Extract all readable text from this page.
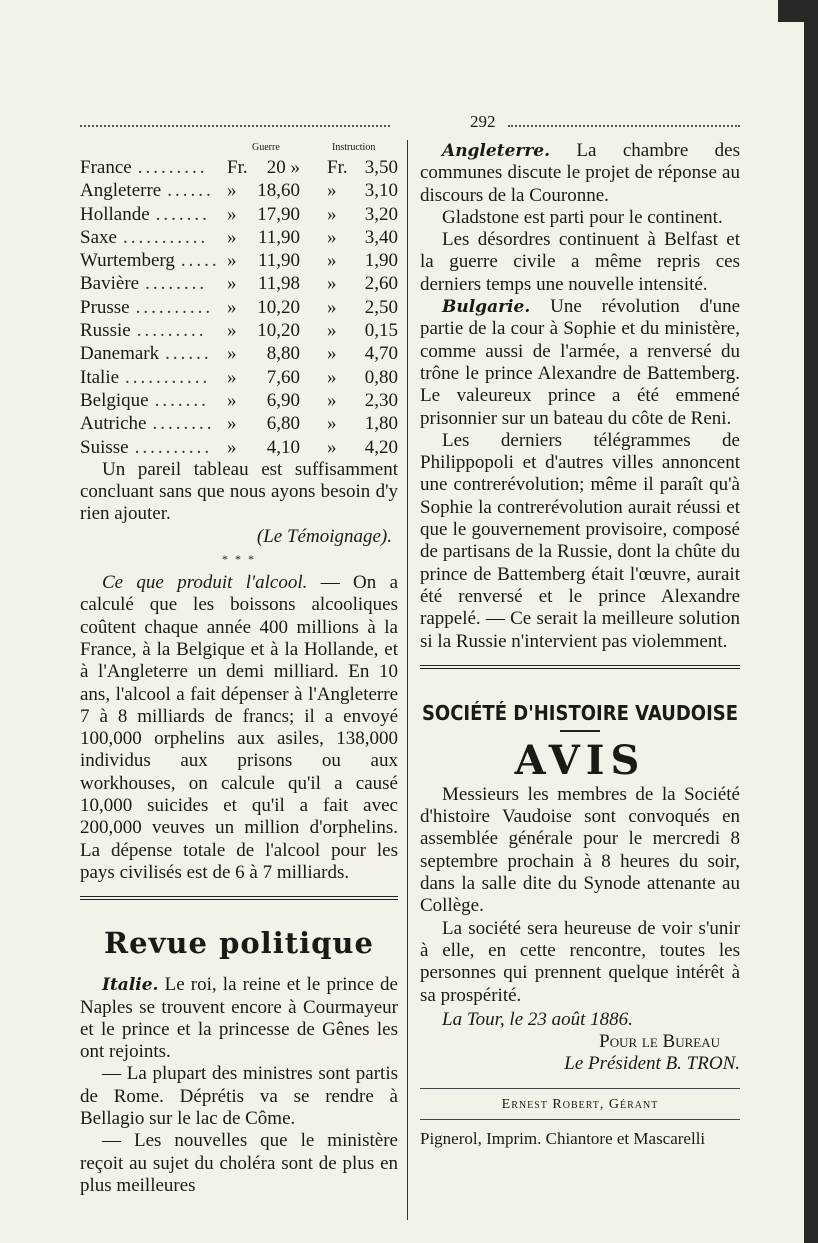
292
Guerre	Instruction
France	Fr. 20 » Fr. 3,50
.........
Angleterre	» 18,60 » 3,10
......
Hollande	» 17,90 » 3,20
.......
Saxe	» 11,90 » 3,40
...........
Wurtemberg	» 11,90 » 1,90
.....
Bavière	» 11,98 » 2,60
........
Prusse	» 10,20 » 2,50
..........
Russie	» 10,20 » 0,15
.........
Danemark	» 8,80 » 4,70
......
Italie	» 7,60 » 0,80
...........
Belgique	» 6,90 » 2,30
.......
Autriche	» 6,80 » 1,80
........
Suisse	» 4,10 » 4,20
..........

Un pareil tableau est suffisamment concluant sans que nous ayons besoin d'y rien ajouter.

(Le Témoignage).

* * *

Ce que produit l'alcool. — On a calculé que les boissons alcooliques coûtent chaque année 400 millions à la France, à la Belgique et à la Hollande, et à l'Angleterre un demi milliard. En 10 ans, l'alcool a fait dépenser à l'Angleterre 7 à 8 milliards de francs; il a envoyé 100,000 orphelins aux asiles, 138,000 individus aux prisons ou aux workhouses, on calcule qu'il a causé 10,000 suicides et qu'il a fait avec 200,000 veuves un million d'orphelins. La dépense totale de l'alcool pour les pays civilisés est de 6 à 7 milliards.

Revue politique

Italie. Le roi, la reine et le prince de Naples se trouvent encore à Courmayeur et le prince et la princesse de Gênes les ont rejoints.

— La plupart des ministres sont partis de Rome. Déprétis va se rendre à Bellagio sur le lac de Côme.

— Les nouvelles que le ministère reçoit au sujet du choléra sont de plus en plus meilleures

Angleterre. La chambre des communes discute le projet de réponse au discours de la Couronne.

Gladstone est parti pour le continent.

Les désordres continuent à Belfast et la guerre civile a même repris ces derniers temps une nouvelle intensité.

Bulgarie. Une révolution d'une partie de la cour à Sophie et du ministère, comme aussi de l'armée, a renversé du trône le prince Alexandre de Battemberg. Le valeureux prince a été emmené prisonnier sur un bateau du côte de Reni.

Les derniers télégrammes de Philippopoli et d'autres villes annoncent une contrerévolution; même il paraît qu'à Sophie la contrerévolution aurait réussi et que le gouvernement provisoire, composé de partisans de la Russie, dont la chûte du prince de Battemberg était l'œuvre, aurait été renversé et le prince Alexandre rappelé. — Ce serait la meilleure solution si la Russie n'intervient pas violemment.

SOCIÉTÉ D'HISTOIRE VAUDOISE
AVIS

Messieurs les membres de la Société d'histoire Vaudoise sont convoqués en assemblée générale pour le mercredi 8 septembre prochain à 8 heures du soir, dans la salle dite du Synode attenante au Collège.

La société sera heureuse de voir s'unir à elle, en cette rencontre, toutes les personnes qui prennent quelque intérêt à sa prospérité.

La Tour, le 23 août 1886.

Pour le Bureau

Le Président B. TRON.

Ernest Robert, Gérant

Pignerol, Imprim. Chiantore et Mascarelli
